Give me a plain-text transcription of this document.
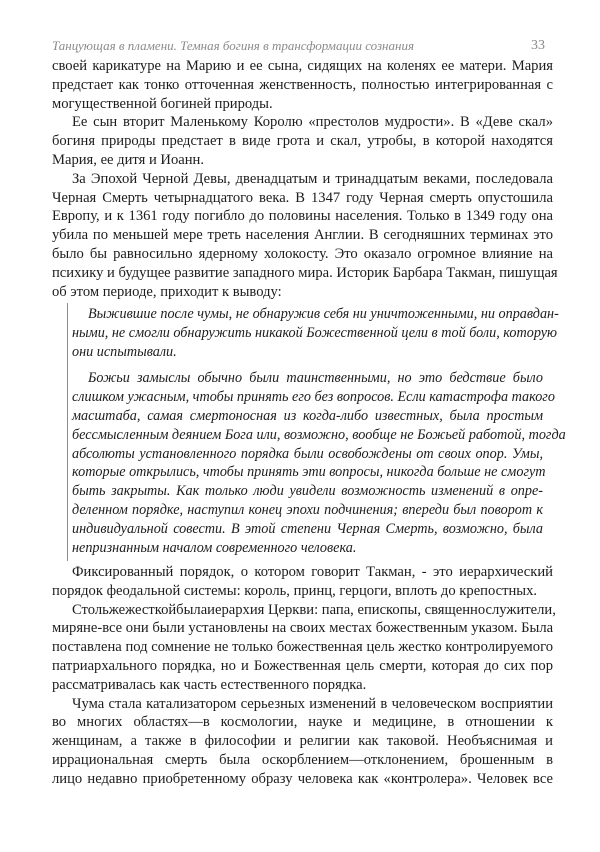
Танцующая в пламени. Темная богиня в трансформации сознания	33
своей карикатуре на Марию и ее сына, сидящих на коленях ее матери. Мария
предстает как тонко отточенная женственность, полностью интегрированная с
могущественной богиней природы.
Ее сын вторит Маленькому Королю «престолов мудрости». В «Деве скал»
богиня природы предстает в виде грота и скал, утробы, в которой находятся
Мария, ее дитя и Иоанн.
За Эпохой Черной Девы, двенадцатым и тринадцатым веками, последовала
Черная Смерть четырнадцатого века. В 1347 году Черная смерть опустошила
Европу, и к 1361 году погибло до половины населения. Только в 1349 году она
убила по меньшей мере треть населения Англии. В сегодняшних терминах это
было бы равносильно ядерному холокосту. Это оказало огромное влияние на
психику и будущее развитие западного мира. Историк Барбара Такман, пишущая
об этом периоде, приходит к выводу:
Выжившие после чумы, не обнаружив себя ни уничтоженными, ни оправдан-
ными, не смогли обнаружить никакой Божественной цели в той боли, которую
они испытывали.
Божьи замыслы обычно были таинственными, но это бедствие было
слишком ужасным, чтобы принять его без вопросов. Если катастрофа такого
масштаба, самая смертоносная из когда-либо известных, была простым
бессмысленным деянием Бога или, возможно, вообще не Божьей работой, тогда
абсолюты установленного порядка были освобождены от своих опор. Умы,
которые открылись, чтобы принять эти вопросы, никогда больше не смогут
быть закрыты. Как только люди увидели возможность изменений в опре-
деленном порядке, наступил конец эпохи подчинения; впереди был поворот к
индивидуальной совести. В этой степени Черная Смерть, возможно, была
непризнанным началом современного человека.
Фиксированный порядок, о котором говорит Такман, - это иерархический
порядок феодальной системы: король, принц, герцоги, вплоть до крепостных.
Стольжежесткойбылаиерархия Церкви: папа, епископы, священнослужители,
миряне-все они были установлены на своих местах божественным указом. Была
поставлена под сомнение не только божественная цель жестко контролируемого
патриархального порядка, но и Божественная цель смерти, которая до сих пор
рассматривалась как часть естественного порядка.
Чума стала катализатором серьезных изменений в человеческом восприятии
во многих областях—в космологии, науке и медицине, в отношении к
женщинам, а также в философии и религии как таковой. Необъяснимая и
иррациональная смерть была оскорблением—отклонением, брошенным в
лицо недавно приобретенному образу человека как «контролера». Человек все
